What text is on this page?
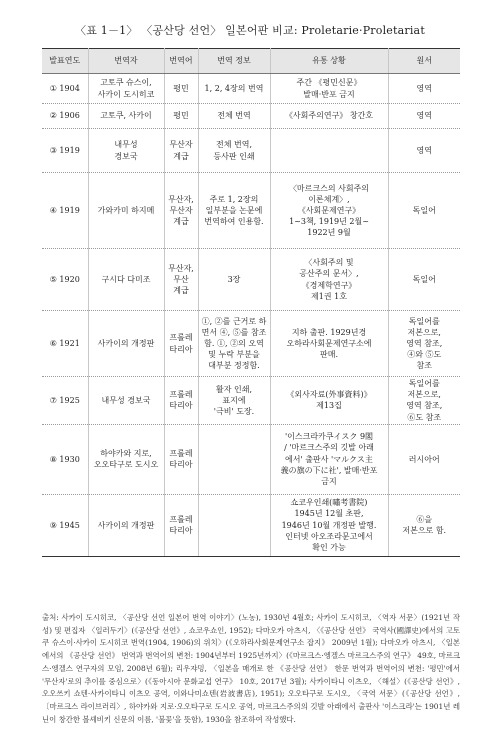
〈표 1－1〉 〈공산당 선언〉 일본어판 비교: Proletarie·Proletariat
발표연도	번역자	번역어	번역 정보	유통 상황	원서
① 1904	고토쿠 슈스이,
사카이 도시히코	평민	1, 2, 4장의 번역	주간 《평민신문》
발매·반포 금지	영역
② 1906	고토쿠, 사카이	평민	전체 번역	《사회주의연구》 창간호	영역
③ 1919	내무성
경보국	무산자
계급	전체 번역,
등사판 인쇄		영역
④ 1919	가와카미 하지메	무산자,
무산자
계급	주로 1, 2장의
일부분을 논문에
번역하여 인용함.	〈마르크스의 사회주의
이론체계〉,
《사회문제연구》
1~3책, 1919년 2월~
1922년 9월	독일어
⑤ 1920	구시다 다미조	무산자,
무산
계급	3장	〈사회주의 및
공산주의 문서〉,
《경제학연구》
제1권 1호	독일어
⑥ 1921	사카이의 개정판	프롤레
타리아	①, ②를 근거로 하
면서 ④, ⑤를 참조
함. ①, ②의 오역
및 누락 부분을
대부분 정정함.	지하 출판. 1929년경
오하라사회문제연구소에
판매.	독일어를
저본으로,
영역 참조,
④와 ⑤도
참조
⑦ 1925	내무성 경보국	프롤레
타리아	활자 인쇄,
표지에
'극비' 도장.	《외사자료(外事資料)》
제13집	독일어를
저본으로,
영역 참조,
⑥도 참조
⑧ 1930	하야카와 지로,
오오타구로 도시오	프롤레
타리아		'이스크라카쿠イスク 9閣
/ '마르크스주의 깃발 아래
에서' 출판사 'マルクス主
義の旗の下に社', 발매·반포
금지	러시아어
⑨ 1945	사카이의 개정판	프롤레
타리아		쇼코우인쇄(嘯考書院)
1945년 12월 초판,
1946년 10월 개정판 발행.
인터넷 아오조라문고에서
확인 가능	⑥을
저본으로 함.
출처: 사카이 도시히코, 〈공산당 선언 일본어 번역 이야기〉(노농), 1930년 4월호; 사카이 도시히코, 〈역자 서문〉(1921년 작성) 및 편집자 〈일러두기〉(《공산당 선언》, 쇼코우쇼인, 1952); 다마오카 아츠시, 〈《공산당 선언》 국역사(國譯史)에서의 고토쿠 슈스이·사카이 도시히코 번역(1904, 1906)의 위치〉(《오하라사회문제연구소 잡지》 2009년 1월); 다마오카 아츠시, 〈일본에서의 《공산당 선언》 번역과 번역어의 변천: 1904년부터 1925년까지〉(《마르크스·엥겔스 마르크스주의 연구》 49호, 마르크스·엥겔스 연구자의 모임, 2008년 6월); 리우쟈밍, 〈일본을 매개로 한 《공산당 선언》 한문 번역과 번역어의 변천: '평민'에서 '무산자'로의 추이를 중심으로〉(《동아시아 문화교섭 연구》 10호, 2017년 3월); 사카이타니 이츠오, 〈해설〉(《공산당 선언》, 오오쓰키 쇼텐·사카이타니 이츠오 공역, 이와나미쇼텐(岩波書店), 1951); 오오타구로 도시오, 〈국역 서문〉(《공산당 선언》, 〔마르크스 라이브러리〉, 하야카와 지로·오오타구로 도시오 공역, 마르크스주의의 깃발 아래에서 출판사 '이스크라'는 1901년 레닌이 창간한 볼셰비키 신문의 이름, '불꽃'을 뜻함), 1930을 참조하여 작성했다.
